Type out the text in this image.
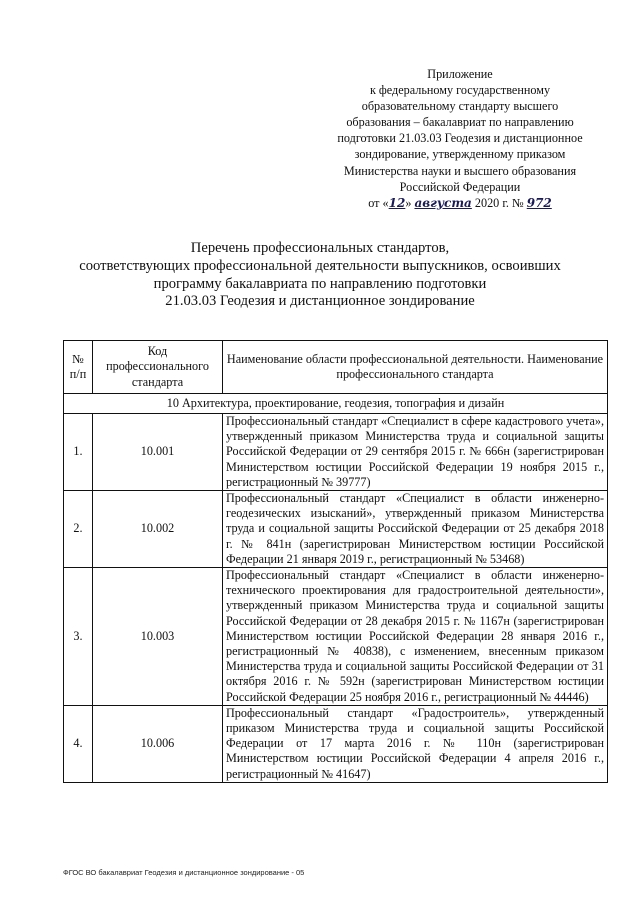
Приложение
к федеральному государственному
образовательному стандарту высшего
образования – бакалавриат по направлению
подготовки 21.03.03 Геодезия и дистанционное
зондирование, утвержденному приказом
Министерства науки и высшего образования
Российской Федерации
от «12» августа 2020 г. № 972
Перечень профессиональных стандартов,
соответствующих профессиональной деятельности выпускников, освоивших
программу бакалавриата по направлению подготовки
21.03.03 Геодезия и дистанционное зондирование
№ п/п	Код профессионального стандарта	Наименование области профессиональной деятельности. Наименование профессионального стандарта
10 Архитектура, проектирование, геодезия, топография и дизайн		
1.	10.001	Профессиональный стандарт «Специалист в сфере кадастрового учета», утвержденный приказом Министерства труда и социальной защиты Российской Федерации от 29 сентября 2015 г. № 666н (зарегистрирован Министерством юстиции Российской Федерации 19 ноября 2015 г., регистрационный № 39777)
2.	10.002	Профессиональный стандарт «Специалист в области инженерно-геодезических изысканий», утвержденный приказом Министерства труда и социальной защиты Российской Федерации от 25 декабря 2018 г. № 841н (зарегистрирован Министерством юстиции Российской Федерации 21 января 2019 г., регистрационный № 53468)
3.	10.003	Профессиональный стандарт «Специалист в области инженерно-технического проектирования для градостроительной деятельности», утвержденный приказом Министерства труда и социальной защиты Российской Федерации от 28 декабря 2015 г. № 1167н (зарегистрирован Министерством юстиции Российской Федерации 28 января 2016 г., регистрационный № 40838), с изменением, внесенным приказом Министерства труда и социальной защиты Российской Федерации от 31 октября 2016 г. № 592н (зарегистрирован Министерством юстиции Российской Федерации 25 ноября 2016 г., регистрационный № 44446)
4.	10.006	Профессиональный стандарт «Градостроитель», утвержденный приказом Министерства труда и социальной защиты Российской Федерации от 17 марта 2016 г. № 110н (зарегистрирован Министерством юстиции Российской Федерации 4 апреля 2016 г., регистрационный № 41647)
ФГОС ВО бакалавриат Геодезия и дистанционное зондирование - 05
